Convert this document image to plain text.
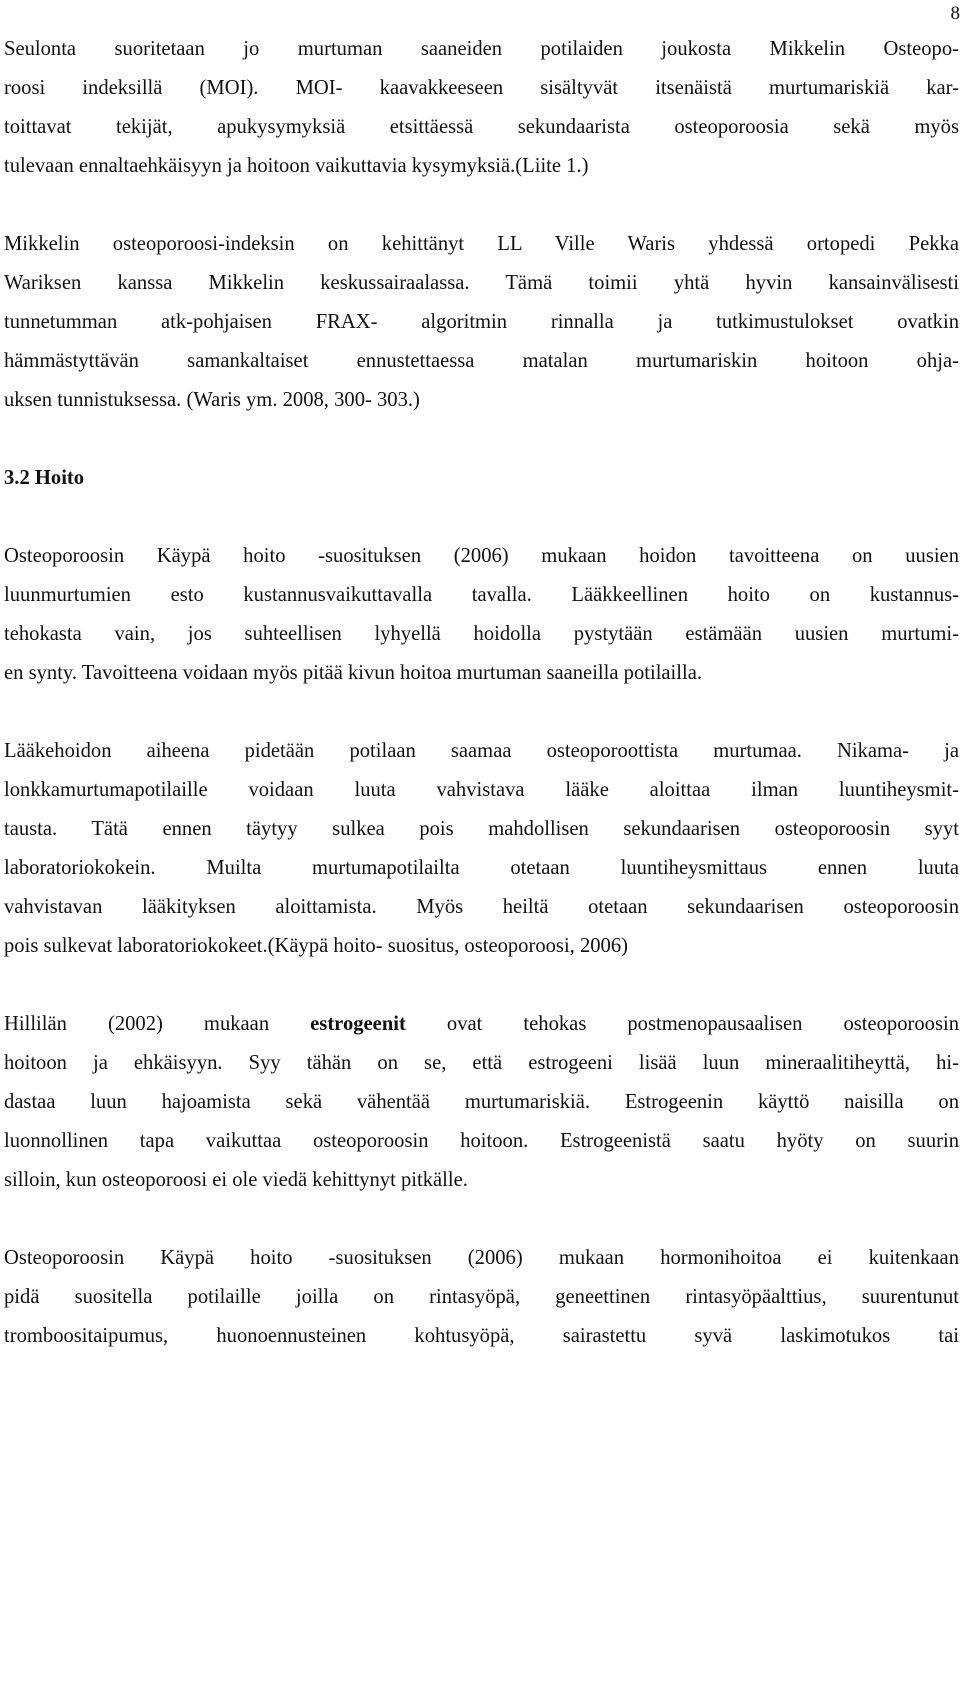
8
Seulonta suoritetaan jo murtuman saaneiden potilaiden joukosta Mikkelin Osteopo-
roosi indeksillä (MOI). MOI- kaavakkeeseen sisältyvät itsenäistä murtumariskiä kar-
toittavat tekijät, apukysymyksiä etsittäessä sekundaarista osteoporoosia sekä myös
tulevaan ennaltaehkäisyyn ja hoitoon vaikuttavia kysymyksiä.(Liite 1.)
Mikkelin osteoporoosi-indeksin on kehittänyt LL Ville Waris yhdessä ortopedi Pekka
Wariksen kanssa Mikkelin keskussairaalassa. Tämä toimii yhtä hyvin kansainvälisesti
tunnetumman atk-pohjaisen FRAX- algoritmin rinnalla ja tutkimustulokset ovatkin
hämmästyttävän samankaltaiset ennustettaessa matalan murtumariskin hoitoon ohja-
uksen tunnistuksessa. (Waris ym. 2008, 300- 303.)
3.2 Hoito
Osteoporoosin Käypä hoito -suosituksen (2006) mukaan hoidon tavoitteena on uusien
luunmurtumien esto kustannusvaikuttavalla tavalla. Lääkkeellinen hoito on kustannus-
tehokasta vain, jos suhteellisen lyhyellä hoidolla pystytään estämään uusien murtumi-
en synty. Tavoitteena voidaan myös pitää kivun hoitoa murtuman saaneilla potilailla.
Lääkehoidon aiheena pidetään potilaan saamaa osteoporoottista murtumaa. Nikama- ja
lonkkamurtumapotilaille voidaan luuta vahvistava lääke aloittaa ilman luuntiheysmit-
tausta. Tätä ennen täytyy sulkea pois mahdollisen sekundaarisen osteoporoosin syyt
laboratoriokokein. Muilta murtumapotilailta otetaan luuntiheysmittaus ennen luuta
vahvistavan lääkityksen aloittamista. Myös heiltä otetaan sekundaarisen osteoporoosin
pois sulkevat laboratoriokokeet.(Käypä hoito- suositus, osteoporoosi, 2006)
Hillilän (2002) mukaan estrogeenit ovat tehokas postmenopausaalisen osteoporoosin
hoitoon ja ehkäisyyn. Syy tähän on se, että estrogeeni lisää luun mineraalitiheyttä, hi-
dastaa luun hajoamista sekä vähentää murtumariskiä. Estrogeenin käyttö naisilla on
luonnollinen tapa vaikuttaa osteoporoosin hoitoon. Estrogeenistä saatu hyöty on suurin
silloin, kun osteoporoosi ei ole viedä kehittynyt pitkälle.
Osteoporoosin Käypä hoito -suosituksen (2006) mukaan hormonihoitoa ei kuitenkaan
pidä suositella potilaille joilla on rintasyöpä, geneettinen rintasyöpäalttius, suurentunut
tromboositaipumus, huonoennusteinen kohtusyöpä, sairastettu syvä laskimotukos tai
